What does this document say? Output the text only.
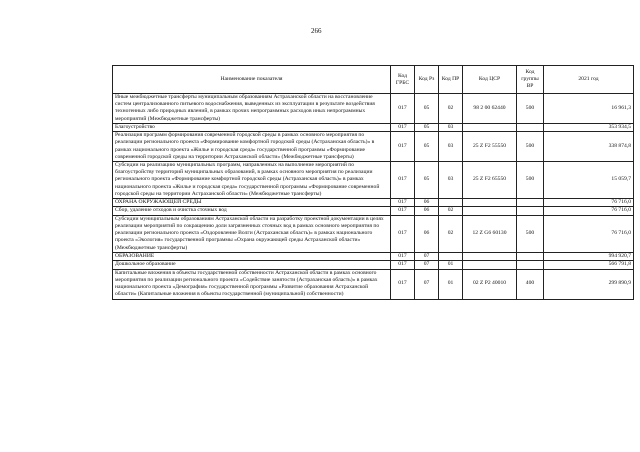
266
Наименование показателя	Код ГРБС	Код Рз	Код ПР	Код ЦСР	Код группы ВР	2021 год
Иные межбюджетные трансферты муниципальным образованиям Астраханской области на восстановление систем централизованного питьевого водоснабжения, выведенных из эксплуатации в результате воздействия техногенных либо природных явлений, в рамках прочих непрограммных расходов иных непрограммных мероприятий (Межбюджетные трансферты)	017	05	02	98 2 00 62440	500	16 961,3
Благоустройство	017	05	03			353 934,5
Реализация программ формирования современной городской среды в рамках основного мероприятия по реализации регионального проекта «Формирование комфортной городской среды (Астраханская область)» в рамках национального проекта «Жилье и городская среда» государственной программы «Формирование современной городской среды на территории Астраханской области» (Межбюджетные трансферты)	017	05	03	25 Z F2 55550	500	338 874,8
Субсидии на реализацию муниципальных программ, направленных на выполнение мероприятий по благоустройству территорий муниципальных образований, в рамках основного мероприятия по реализации регионального проекта «Формирование комфортной городской среды (Астраханская область)» в рамках национального проекта «Жилье и городская среда» государственной программы «Формирование современной городской среды на территории Астраханской области» (Межбюджетные трансферты)	017	05	03	25 Z F2 65550	500	15 059,7
ОХРАНА ОКРУЖАЮЩЕЙ СРЕДЫ	017	06				76 716,0
Сбор, удаление отходов и очистка сточных вод	017	06	02			76 716,0
Субсидии муниципальным образованиям Астраханской области на разработку проектной документации в целях реализации мероприятий по сокращению доли загрязненных сточных вод в рамках основного мероприятия по реализации регионального проекта «Оздоровление Волги (Астраханская область)» в рамках национального проекта «Экология» государственной программы «Охрана окружающей среды Астраханской области» (Межбюджетные трансферты)	017	06	02	12 Z G6 60130	500	76 716,0
ОБРАЗОВАНИЕ	017	07				994 920,7
Дошкольное образование	017	07	01			566 791,8
Капитальные вложения в объекты государственной собственности Астраханской области в рамках основного мероприятия по реализации регионального проекта «Содействие занятости (Астраханская область)» в рамках национального проекта «Демография» государственной программы «Развитие образования Астраханской области» (Капитальные вложения в объекты государственной (муниципальной) собственности)	017	07	01	02 Z P2 40010	400	299 890,9
